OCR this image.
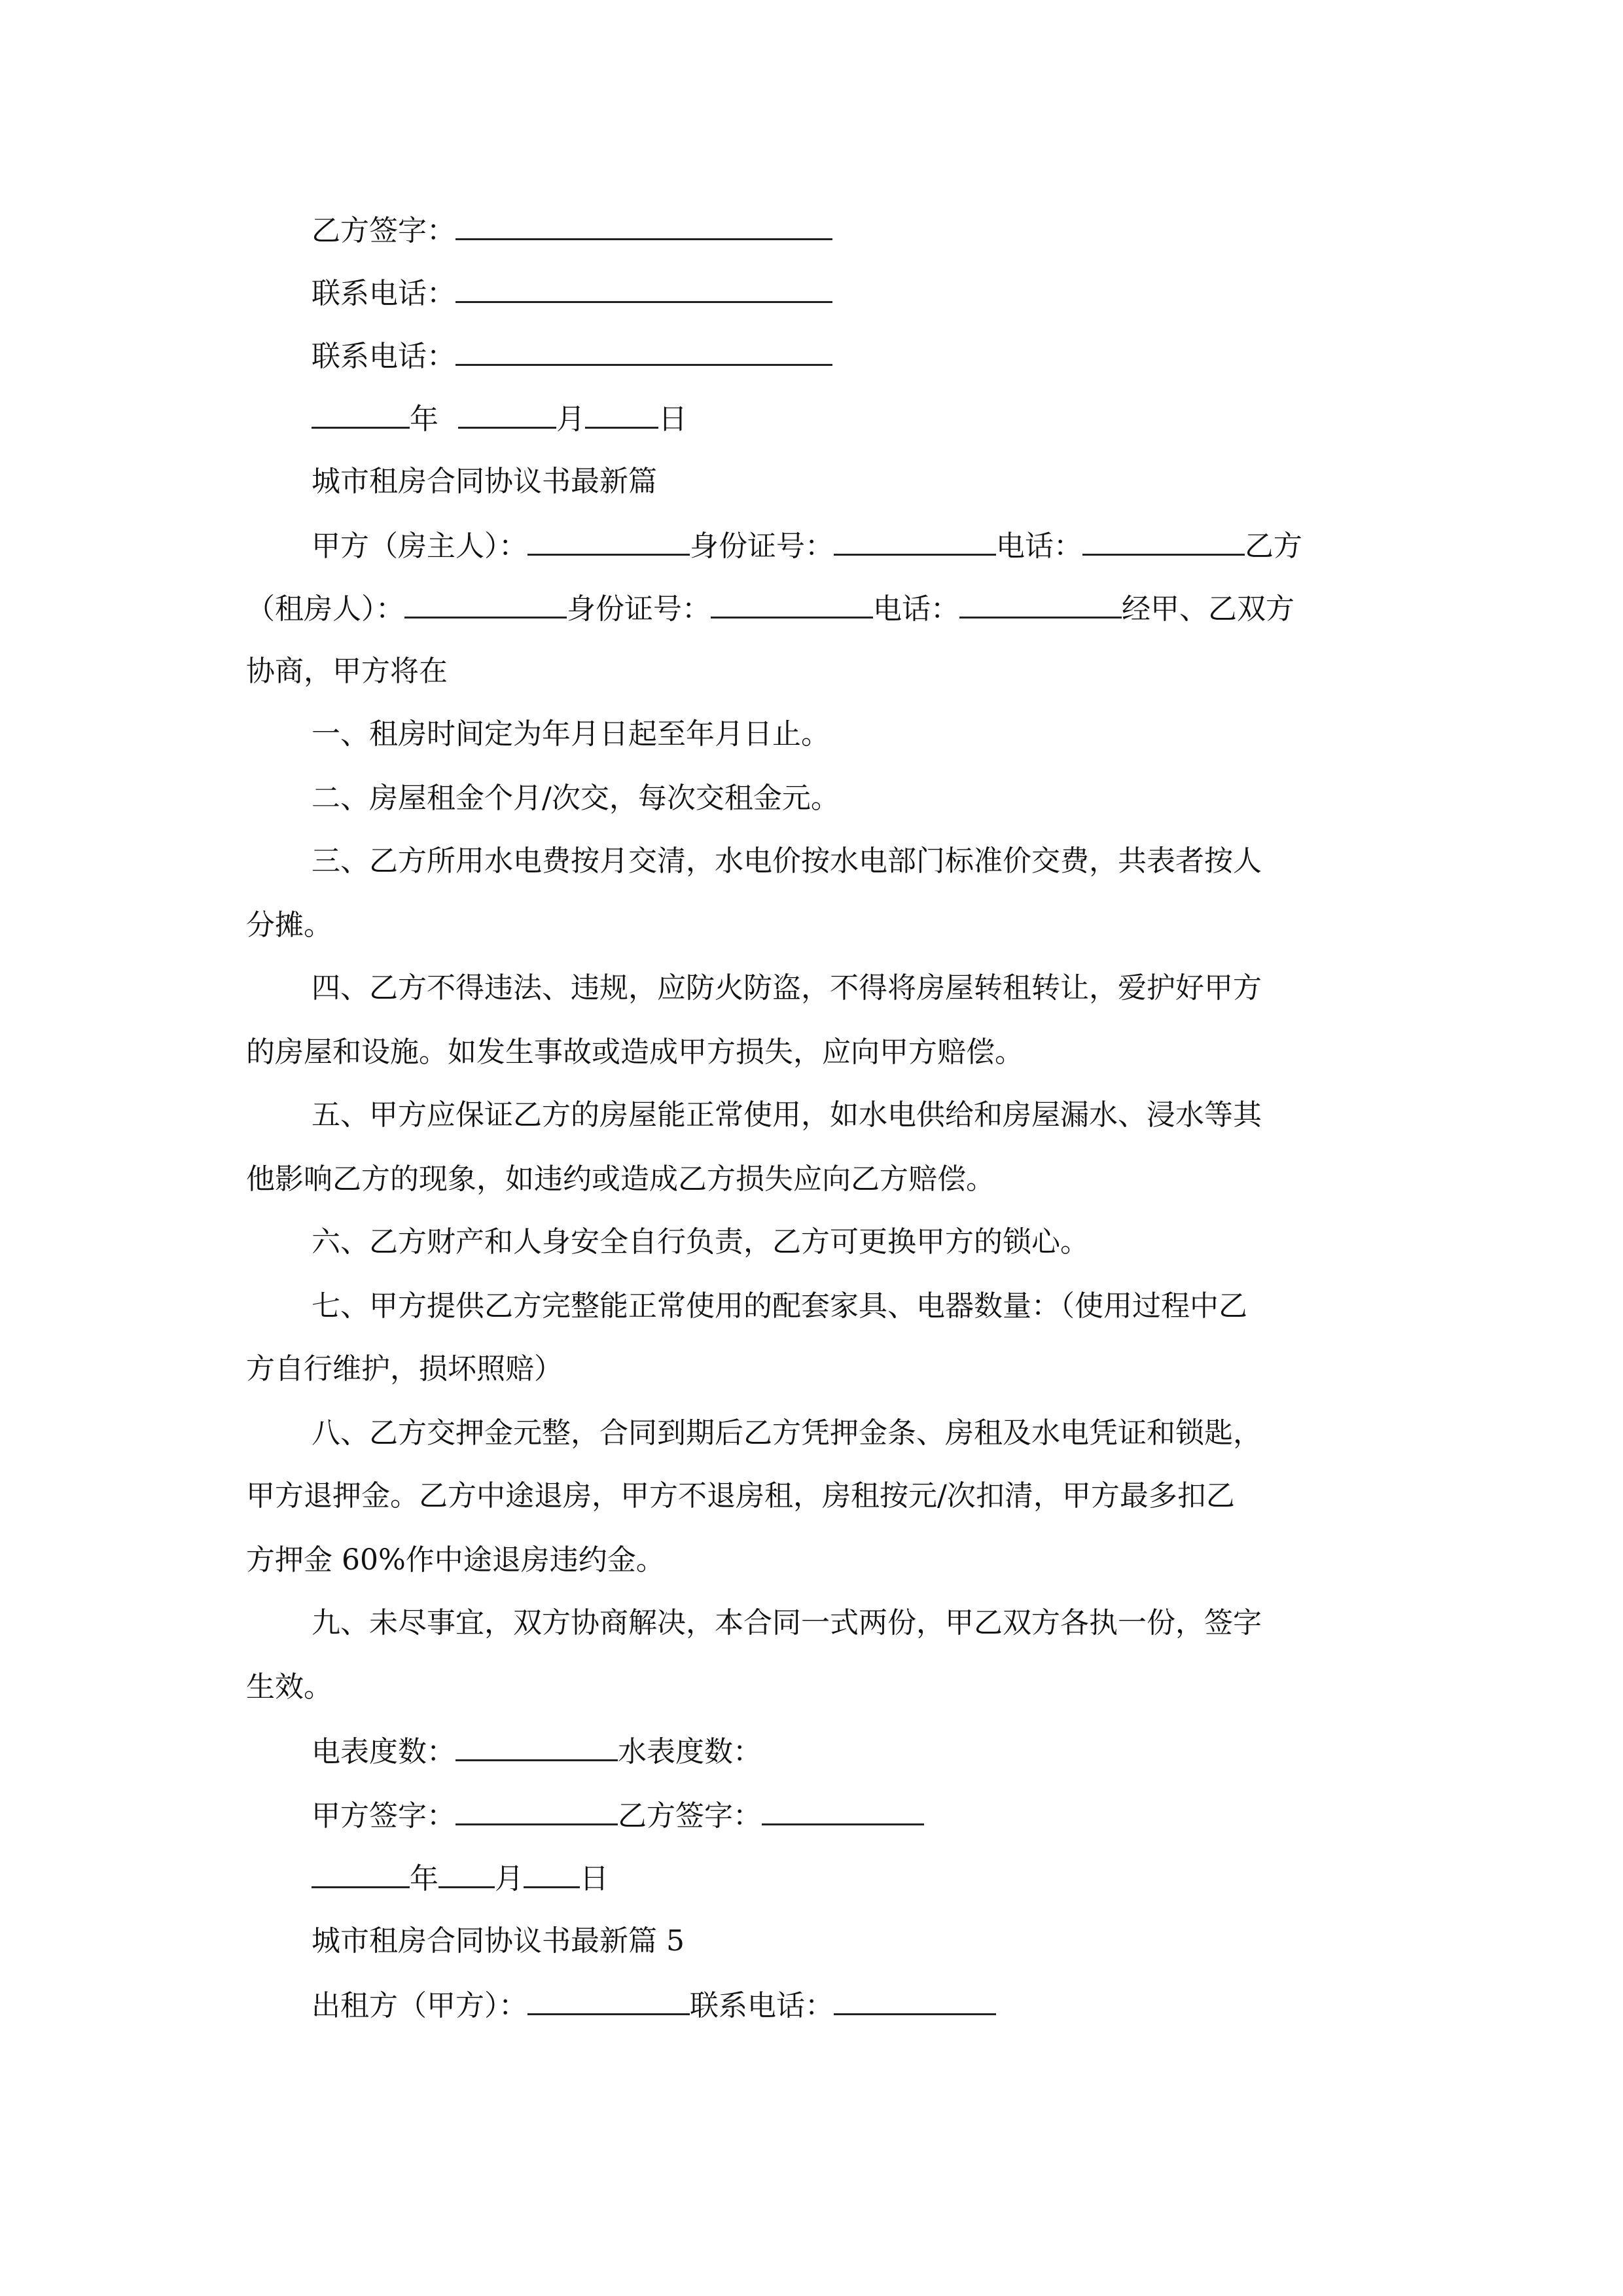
乙方签字：
联系电话：
联系电话：
年	月	日
城市租房合同协议书最新篇
甲方（房主人）：	身份证号：	电话：	乙方
（租房人）：	身份证号：	电话：	经甲、乙双方
协商，甲方将在
一、租房时间定为年月日起至年月日止。
二、房屋租金个月/次交，每次交租金元。
三、乙方所用水电费按月交清，水电价按水电部门标准价交费，共表者按人
分摊。
四、乙方不得违法、违规，应防火防盗，不得将房屋转租转让，爱护好甲方
的房屋和设施。如发生事故或造成甲方损失，应向甲方赔偿。
五、甲方应保证乙方的房屋能正常使用，如水电供给和房屋漏水、浸水等其
他影响乙方的现象，如违约或造成乙方损失应向乙方赔偿。
六、乙方财产和人身安全自行负责，乙方可更换甲方的锁心。
七、甲方提供乙方完整能正常使用的配套家具、电器数量：（使用过程中乙
方自行维护，损坏照赔）
八、乙方交押金元整，合同到期后乙方凭押金条、房租及水电凭证和锁匙，
甲方退押金。乙方中途退房，甲方不退房租，房租按元/次扣清，甲方最多扣乙
方押金 60%作中途退房违约金。
九、未尽事宜，双方协商解决，本合同一式两份，甲乙双方各执一份，签字
生效。
电表度数：	水表度数：
甲方签字：	乙方签字：
年 月 日
城市租房合同协议书最新篇 5
出租方（甲方）：	联系电话：
